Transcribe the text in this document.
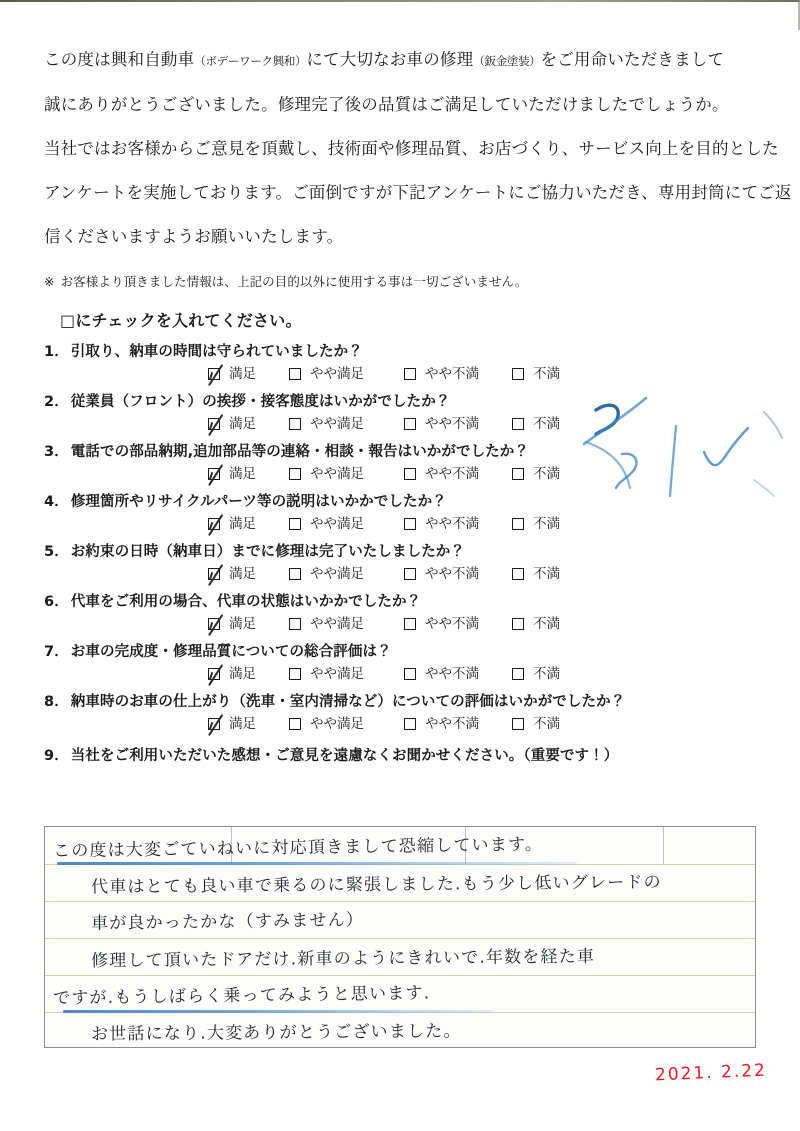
この度は興和自動車（ボデーワーク興和）にて大切なお車の修理（鈑金塗装）をご用命いただきまして
誠にありがとうございました。修理完了後の品質はご満足していただけましたでしょうか。
当社ではお客様からご意見を頂戴し、技術面や修理品質、お店づくり、サービス向上を目的とした
アンケートを実施しております。ご面倒ですが下記アンケートにご協力いただき、専用封筒にてご返
信くださいますようお願いいたします。
※ お客様より頂きました情報は、上記の目的以外に使用する事は一切ございません。
□にチェックを入れてください。
1． 引取り、納車の時間は守られていましたか？
満足	やや満足	やや不満	不満
2． 従業員（フロント）の挨拶・接客態度はいかがでしたか？
満足	やや満足	やや不満	不満
3． 電話での部品納期,追加部品等の連絡・相談・報告はいかがでしたか？
満足	やや満足	やや不満	不満
4． 修理箇所やリサイクルパーツ等の説明はいかかでしたか？
満足	やや満足	やや不満	不満
5． お約束の日時（納車日）までに修理は完了いたしましたか？
満足	やや満足	やや不満	不満
6． 代車をご利用の場合、代車の状態はいかかでしたか？
満足	やや満足	やや不満	不満
7． お車の完成度・修理品質についての総合評価は？
満足	やや満足	やや不満	不満
8． 納車時のお車の仕上がり（洗車・室内清掃など）についての評価はいかがでしたか？
満足	やや満足	やや不満	不満
9． 当社をご利用いただいた感想・ご意見を遠慮なくお聞かせください。（重要です！）
この度は大変ごていねいに対応頂きまして恐縮しています。
代車はとても良い車で乗るのに緊張しました.もう少し低いグレードの
車が良かったかな（すみません）
修理して頂いたドアだけ.新車のようにきれいで.年数を経た車
ですが.もうしばらく乗ってみようと思います.
お世話になり.大変ありがとうございました。
2021. 2.22
